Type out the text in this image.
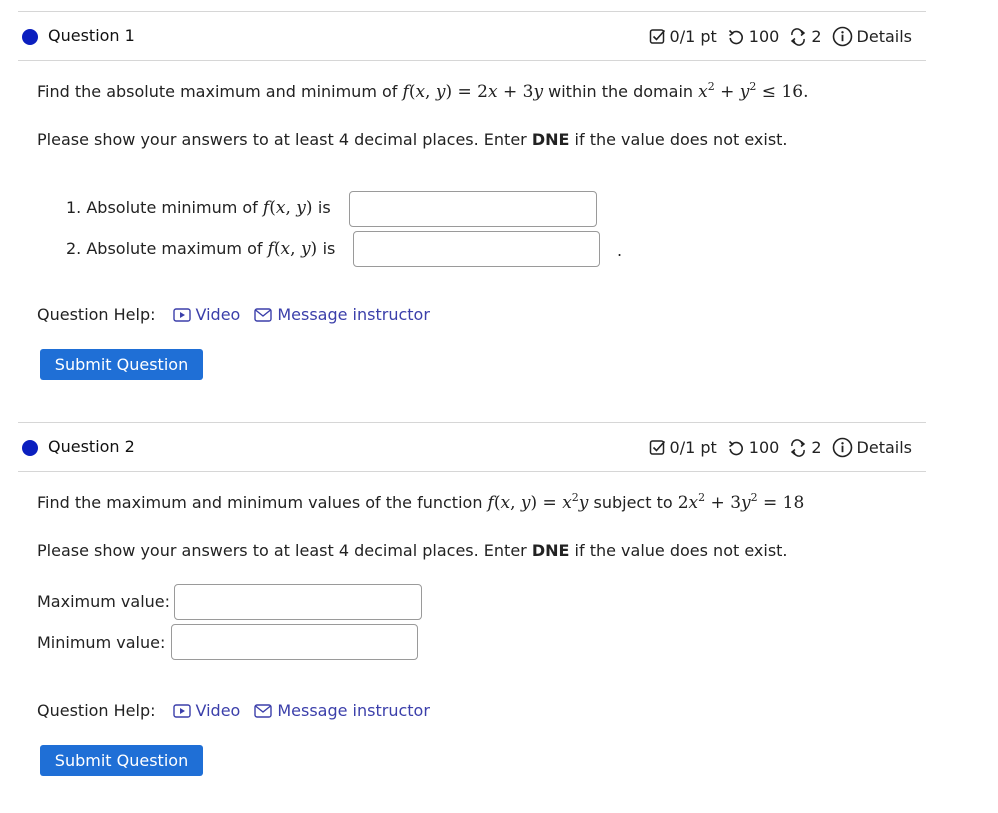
Question 1	0/1 pt 100 2 Details
Find the absolute maximum and minimum of f(x, y) = 2x + 3y within the domain $x^2 + y^2 \le 16$.
Please show your answers to at least 4 decimal places. Enter DNE if the value does not exist.
1. Absolute minimum of f(x, y) is
2. Absolute maximum of f(x, y) is	.
Question Help:	Video Message instructor
Submit Question
Question 2	0/1 pt 100 2 Details
Find the maximum and minimum values of the function f(x, $y) = x^2y$ subject to $2x^2 + 3y^2 = 18$
Please show your answers to at least 4 decimal places. Enter DNE if the value does not exist.
Maximum value:
Minimum value:
Question Help:	Video Message instructor
Submit Question
